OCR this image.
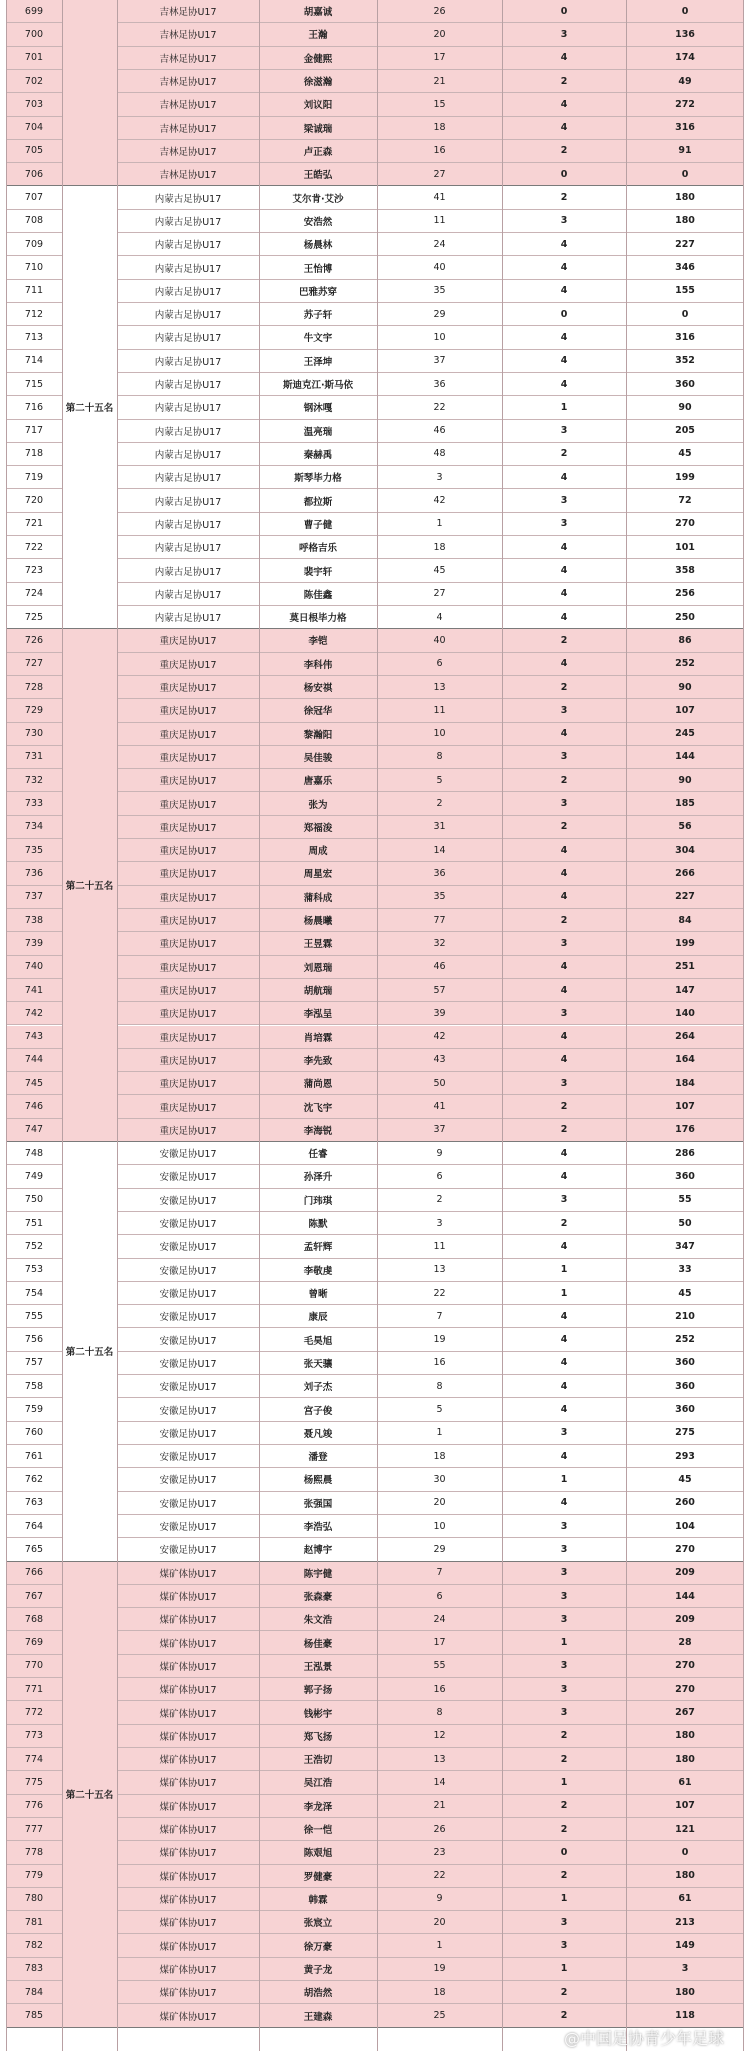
699	吉林足协U17	胡嘉诚	26	0	0
700	吉林足协U17	王瀚	20	3	136
701	吉林足协U17	金健熙	17	4	174
702	吉林足协U17	徐滋瀚	21	2	49
703	吉林足协U17	刘议阳	15	4	272
704	吉林足协U17	梁诚瑞	18	4	316
705	吉林足协U17	卢正森	16	2	91
706	吉林足协U17	王皓弘	27	0	0
707	内蒙古足协U17	艾尔肯·艾沙	41	2	180
708	内蒙古足协U17	安浩然	11	3	180
709	内蒙古足协U17	杨晨林	24	4	227
710	内蒙古足协U17	王怡博	40	4	346
711	内蒙古足协U17	巴雅苏穿	35	4	155
712	内蒙古足协U17	苏子轩	29	0	0
713	内蒙古足协U17	牛文宇	10	4	316
714	内蒙古足协U17	王泽坤	37	4	352
715	内蒙古足协U17	斯迪克江·斯马依	36	4	360
716	内蒙古足协U17	钢沐嘎	22	1	90
717	内蒙古足协U17	温亮瑞	46	3	205
718	内蒙古足协U17	秦赫禹	48	2	45
719	内蒙古足协U17	斯琴毕力格	3	4	199
720	内蒙古足协U17	都拉斯	42	3	72
721	内蒙古足协U17	曹子健	1	3	270
722	内蒙古足协U17	呼格吉乐	18	4	101
723	内蒙古足协U17	裴宇轩	45	4	358
724	内蒙古足协U17	陈佳鑫	27	4	256
725	内蒙古足协U17	莫日根毕力格	4	4	250
第二十五名
726	重庆足协U17	李铠	40	2	86
727	重庆足协U17	李科伟	6	4	252
728	重庆足协U17	杨安祺	13	2	90
729	重庆足协U17	徐冠华	11	3	107
730	重庆足协U17	黎瀚阳	10	4	245
731	重庆足协U17	吴佳骏	8	3	144
732	重庆足协U17	唐嘉乐	5	2	90
733	重庆足协U17	张为	2	3	185
734	重庆足协U17	郑福浚	31	2	56
735	重庆足协U17	周成	14	4	304
736	重庆足协U17	周星宏	36	4	266
737	重庆足协U17	蒲科成	35	4	227
738	重庆足协U17	杨晨曦	77	2	84
739	重庆足协U17	王昱霖	32	3	199
740	重庆足协U17	刘恩瑞	46	4	251
741	重庆足协U17	胡航瑞	57	4	147
742	重庆足协U17	李泓呈	39	3	140
743	重庆足协U17	肖培霖	42	4	264
744	重庆足协U17	李先致	43	4	164
745	重庆足协U17	蒲尚恩	50	3	184
746	重庆足协U17	沈飞宇	41	2	107
747	重庆足协U17	李海锐	37	2	176
第二十五名
748	安徽足协U17	任睿	9	4	286
749	安徽足协U17	孙泽升	6	4	360
750	安徽足协U17	门玮琪	2	3	55
751	安徽足协U17	陈默	3	2	50
752	安徽足协U17	孟轩辉	11	4	347
753	安徽足协U17	李敬虔	13	1	33
754	安徽足协U17	曾晰	22	1	45
755	安徽足协U17	康辰	7	4	210
756	安徽足协U17	毛昊旭	19	4	252
757	安徽足协U17	张天骧	16	4	360
758	安徽足协U17	刘子杰	8	4	360
759	安徽足协U17	宫子俊	5	4	360
760	安徽足协U17	聂凡竣	1	3	275
761	安徽足协U17	潘登	18	4	293
762	安徽足协U17	杨熙晨	30	1	45
763	安徽足协U17	张强国	20	4	260
764	安徽足协U17	李浩弘	10	3	104
765	安徽足协U17	赵博宇	29	3	270
第二十五名
766	煤矿体协U17	陈宇健	7	3	209
767	煤矿体协U17	张森豪	6	3	144
768	煤矿体协U17	朱文浩	24	3	209
769	煤矿体协U17	杨佳豪	17	1	28
770	煤矿体协U17	王泓景	55	3	270
771	煤矿体协U17	郭子扬	16	3	270
772	煤矿体协U17	钱彬宇	8	3	267
773	煤矿体协U17	郑飞扬	12	2	180
774	煤矿体协U17	王浩切	13	2	180
775	煤矿体协U17	吴江浩	14	1	61
776	煤矿体协U17	李龙泽	21	2	107
777	煤矿体协U17	徐一恺	26	2	121
778	煤矿体协U17	陈艰旭	23	0	0
779	煤矿体协U17	罗健豪	22	2	180
780	煤矿体协U17	韩霖	9	1	61
781	煤矿体协U17	张宸立	20	3	213
782	煤矿体协U17	徐万豪	1	3	149
783	煤矿体协U17	黄子龙	19	1	3
784	煤矿体协U17	胡浩然	18	2	180
785	煤矿体协U17	王建森	25	2	118
第二十五名
@中国足协青少年足球
